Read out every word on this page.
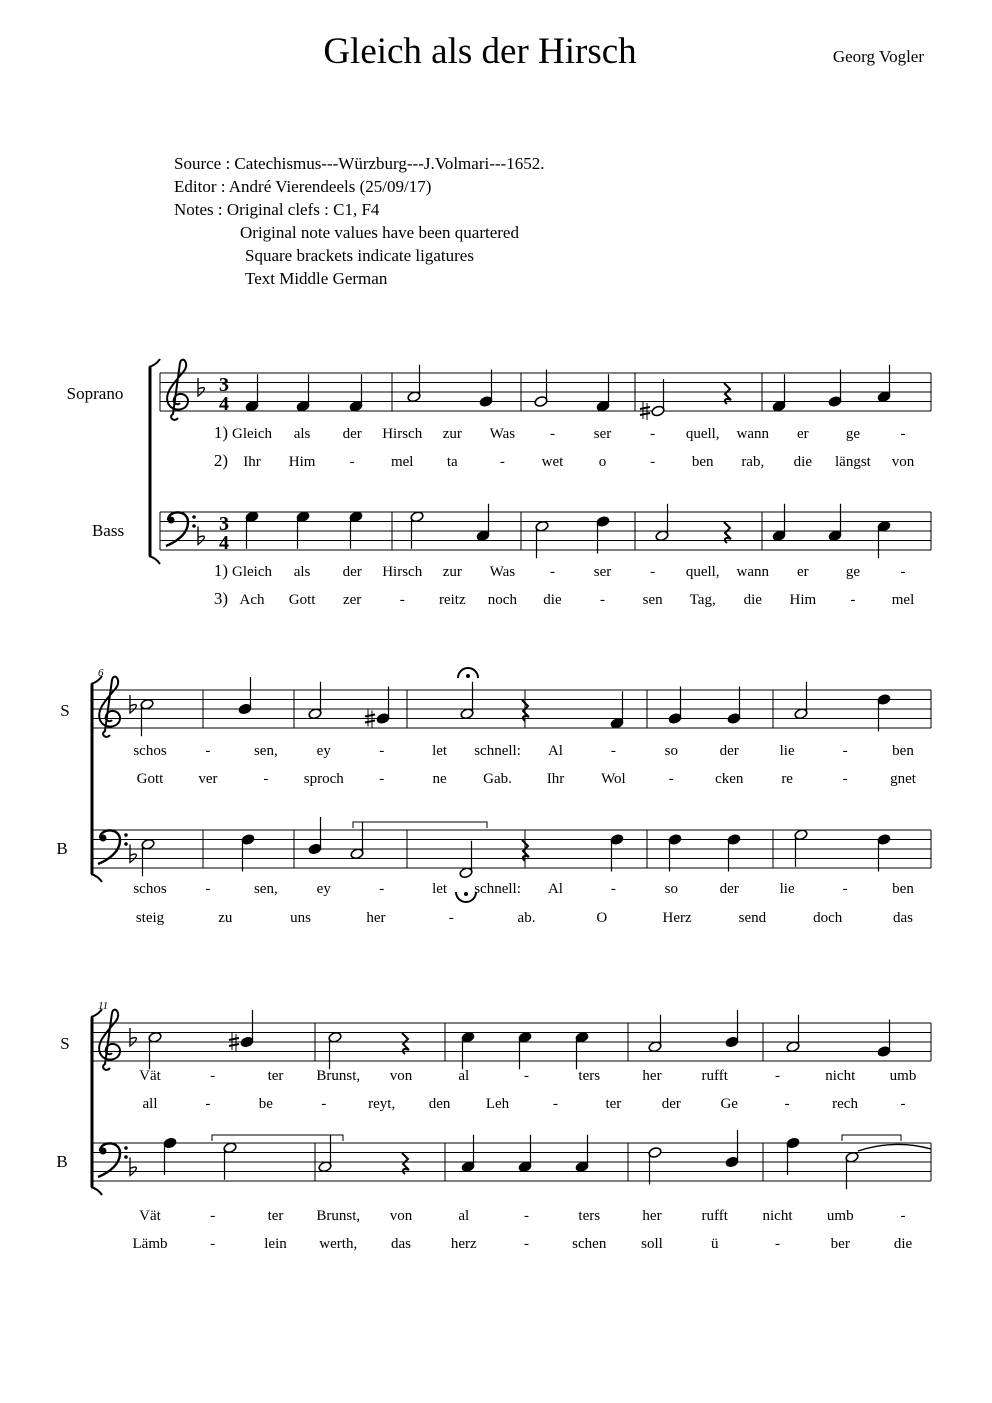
Gleich als der Hirsch	Georg Vogler
Source : Catechismus---Würzburg---J.Volmari---1652.
Editor : André Vierendeels (25/09/17)
Notes : Original clefs : C1, F4
Original note values have been quartered
Square brackets indicate ligatures
Text Middle German
3
4
3
4
Soprano
Bass
1) Gleich als der Hirsch zur Was -	ser	- quell, wann er ge	-
2) Ihr Him - mel ta	- wet o	- ben rab, die längst von
1) Gleich als der Hirsch zur Was -	ser	- quell, wann er ge	-
3) Ach Gott zer	- reitz noch die	-	sen Tag, die Him - mel
S
B
6
schos	-	sen,	ey	-	let schnell: Al	-	so	der	lie	-	ben
Gott ver	- sproch -	ne Gab. Ihr Wol	-	cken	re	-	gnet
schos	-	sen,	ey	-	let schnell: Al	-	so	der	lie	-	ben
steig	zu	uns	her	-	ab.	O	Herz	send	doch	das
S
B
11
Vät	-	ter Brunst, von	al	-	ters	her	rufft	-	nicht umb
all	-	be	-	reyt, den Leh	-	ter	der	Ge	-	rech	-
Vät	-	ter Brunst, von	al	-	ters	her	rufft nicht umb	-
Lämb	-	lein werth, das	herz	-	schen soll	ü	-	ber	die
